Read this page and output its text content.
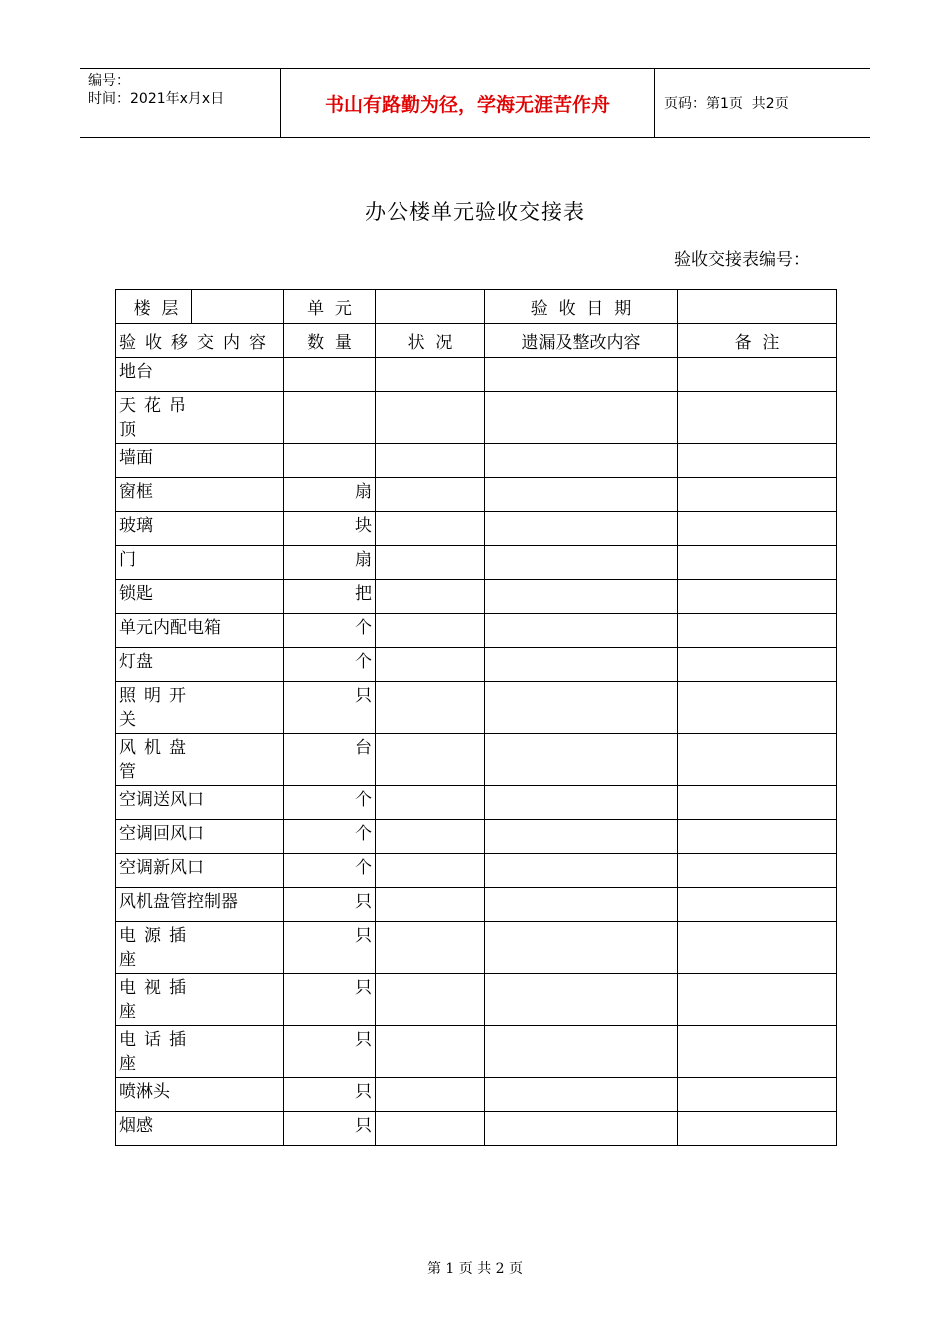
编号：
时间：2021年x月x日	书山有路勤为径，学海无涯苦作舟	页码：第1页  共2页
办公楼单元验收交接表
验收交接表编号：
楼  层		单  元		验  收  日  期	
验收移交内容		数  量	状  况	遗漏及整改内容	备  注
地台					

天花吊顶					

墙面					
窗框		扇			
玻璃		块			
门		扇			
锁匙		把			
单元内配电箱		个			
灯盘		个			

照明开关		只			

风机盘管		台			
空调送风口		个			
空调回风口		个			
空调新风口		个			
风机盘管控制器		只			

电源插座		只			

电视插座		只			

电话插座		只			
喷淋头		只			
烟感		只			
第 1 页 共 2 页
